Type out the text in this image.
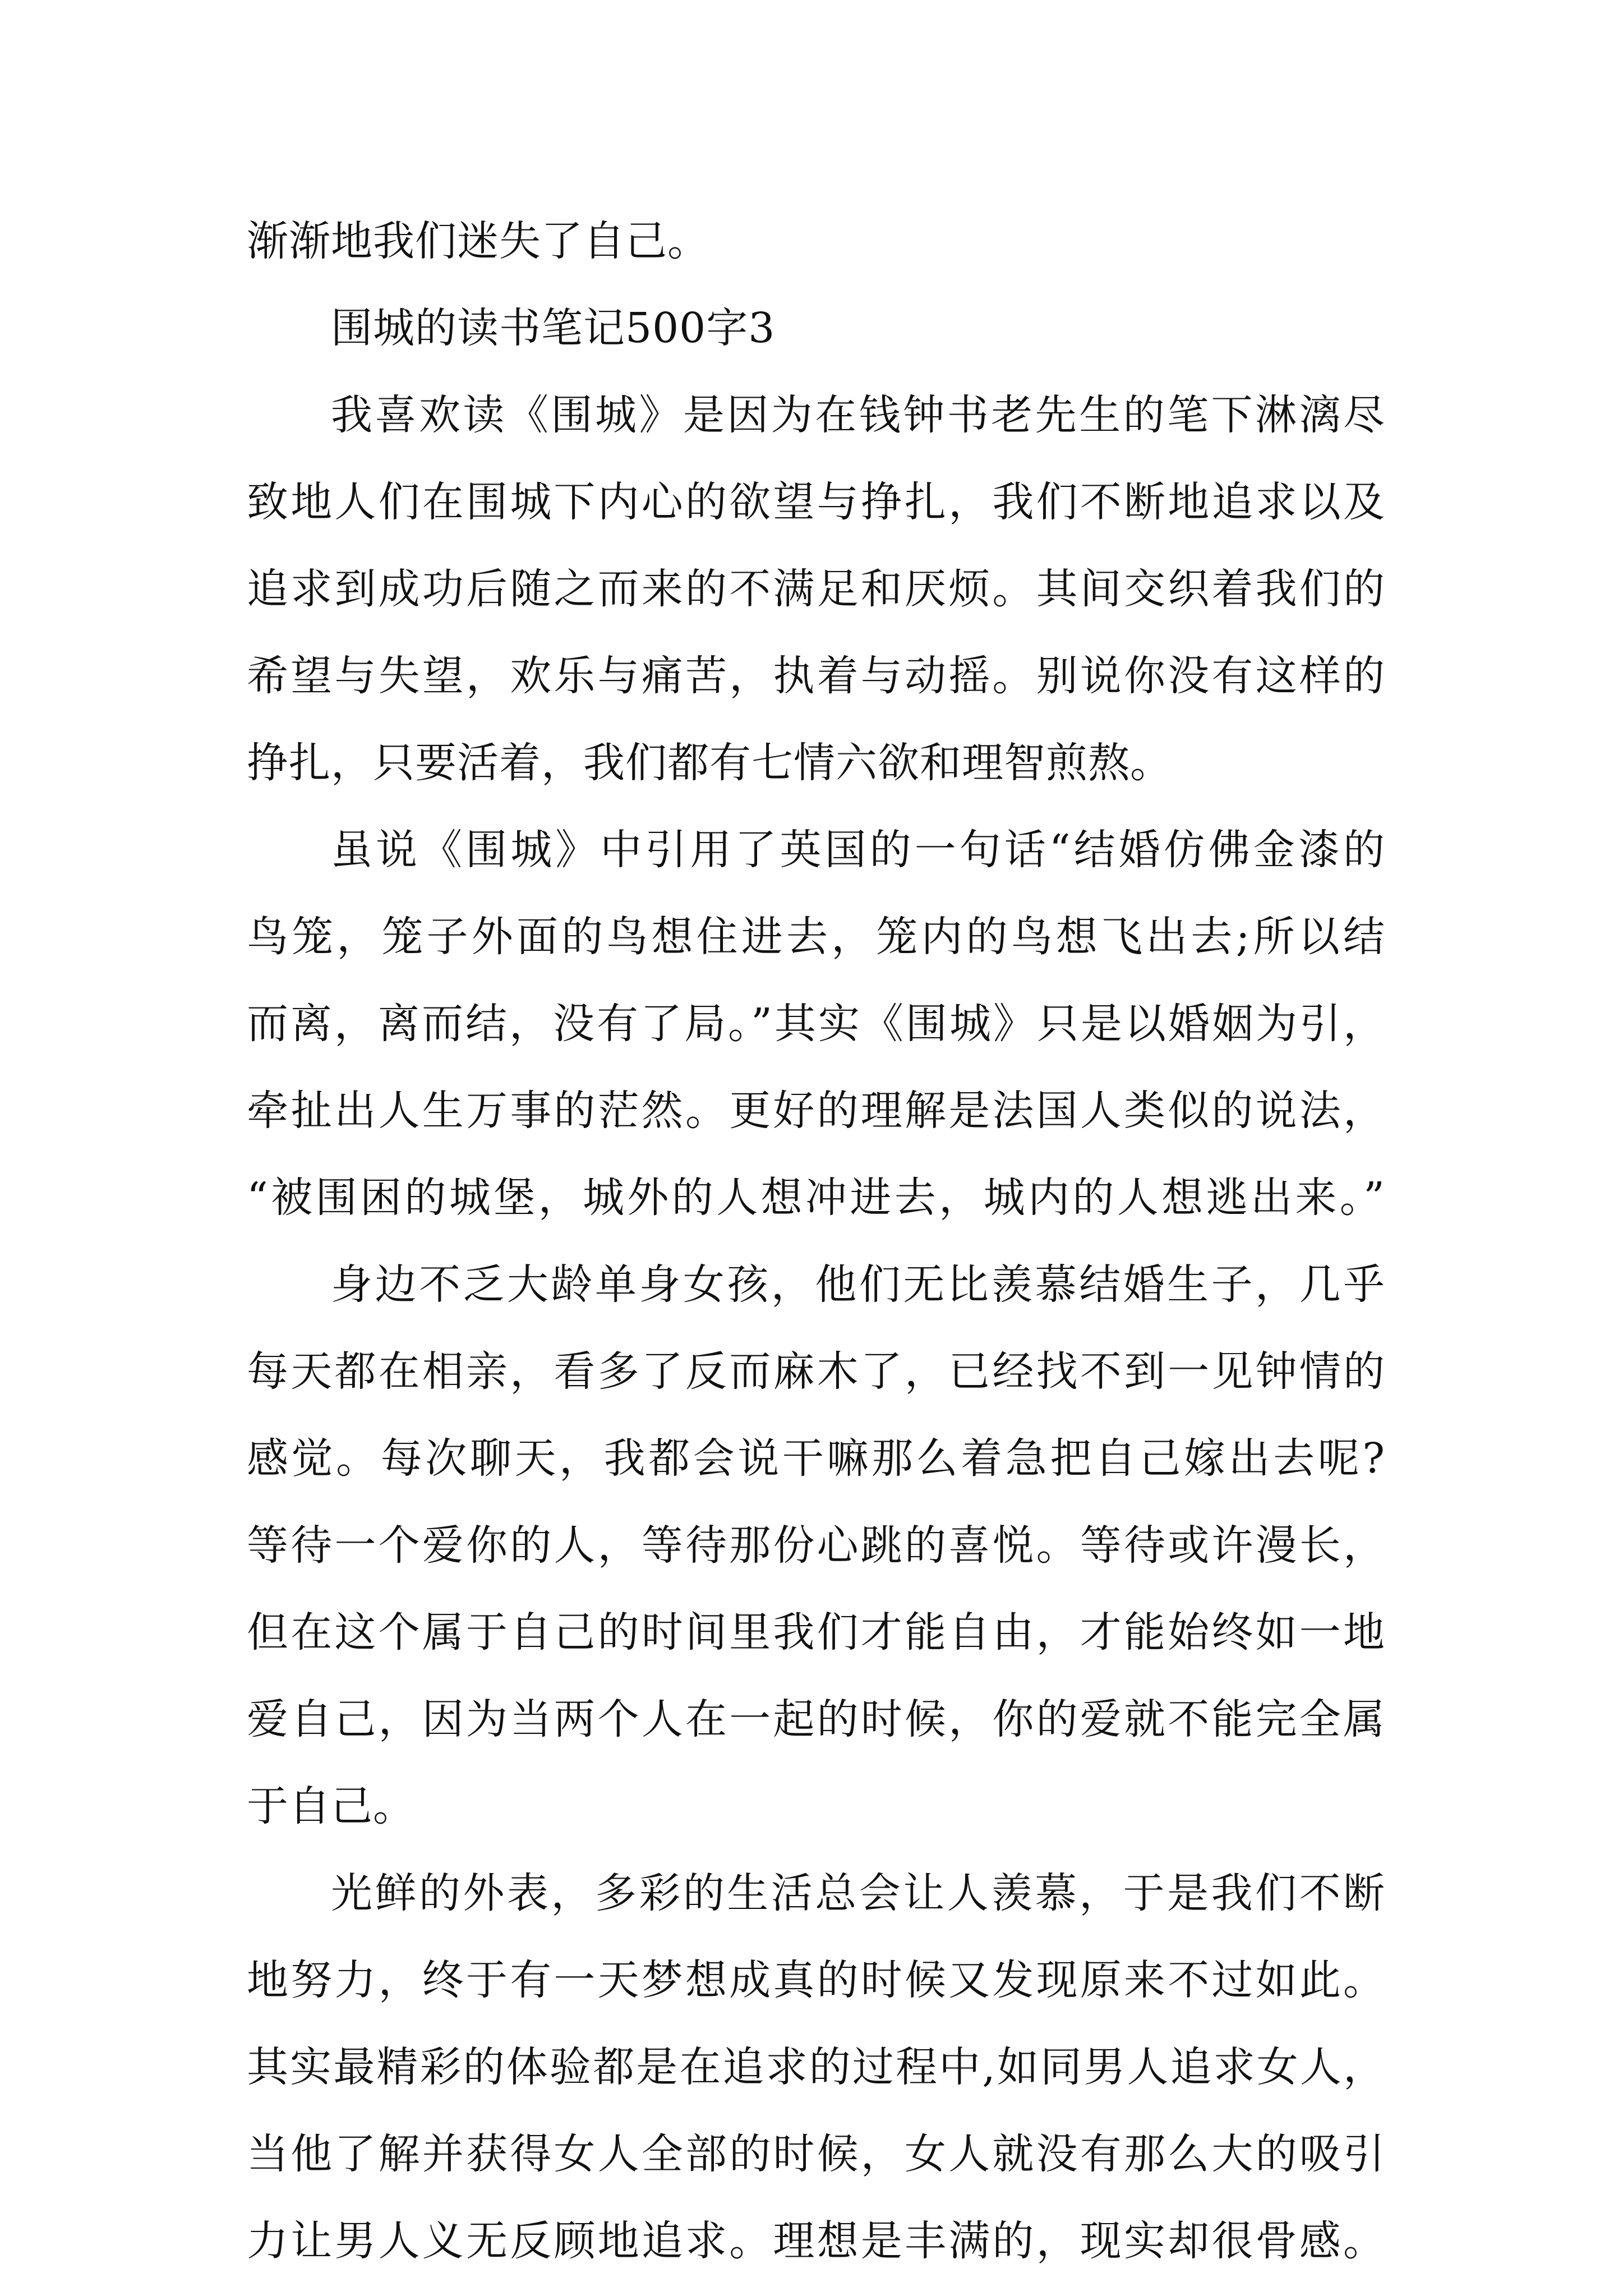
渐渐地我们迷失了自己。
围城的读书笔记500字3
我喜欢读《围城》是因为在钱钟书老先生的笔下淋漓尽
致地人们在围城下内心的欲望与挣扎，我们不断地追求以及
追求到成功后随之而来的不满足和厌烦。其间交织着我们的
希望与失望，欢乐与痛苦，执着与动摇。别说你没有这样的
挣扎，只要活着，我们都有七情六欲和理智煎熬。
虽说《围城》中引用了英国的一句话“结婚仿佛金漆的
鸟笼，笼子外面的鸟想住进去，笼内的鸟想飞出去;所以结
而离，离而结，没有了局。”其实《围城》只是以婚姻为引，
牵扯出人生万事的茫然。更好的理解是法国人类似的说法，
“被围困的城堡，城外的人想冲进去，城内的人想逃出来。”
身边不乏大龄单身女孩，他们无比羡慕结婚生子，几乎
每天都在相亲，看多了反而麻木了，已经找不到一见钟情的
感觉。每次聊天，我都会说干嘛那么着急把自己嫁出去呢?
等待一个爱你的人，等待那份心跳的喜悦。等待或许漫长，
但在这个属于自己的时间里我们才能自由，才能始终如一地
爱自己，因为当两个人在一起的时候，你的爱就不能完全属
于自己。
光鲜的外表，多彩的生活总会让人羡慕，于是我们不断
地努力，终于有一天梦想成真的时候又发现原来不过如此。
其实最精彩的体验都是在追求的过程中,如同男人追求女人，
当他了解并获得女人全部的时候，女人就没有那么大的吸引
力让男人义无反顾地追求。理想是丰满的，现实却很骨感。
